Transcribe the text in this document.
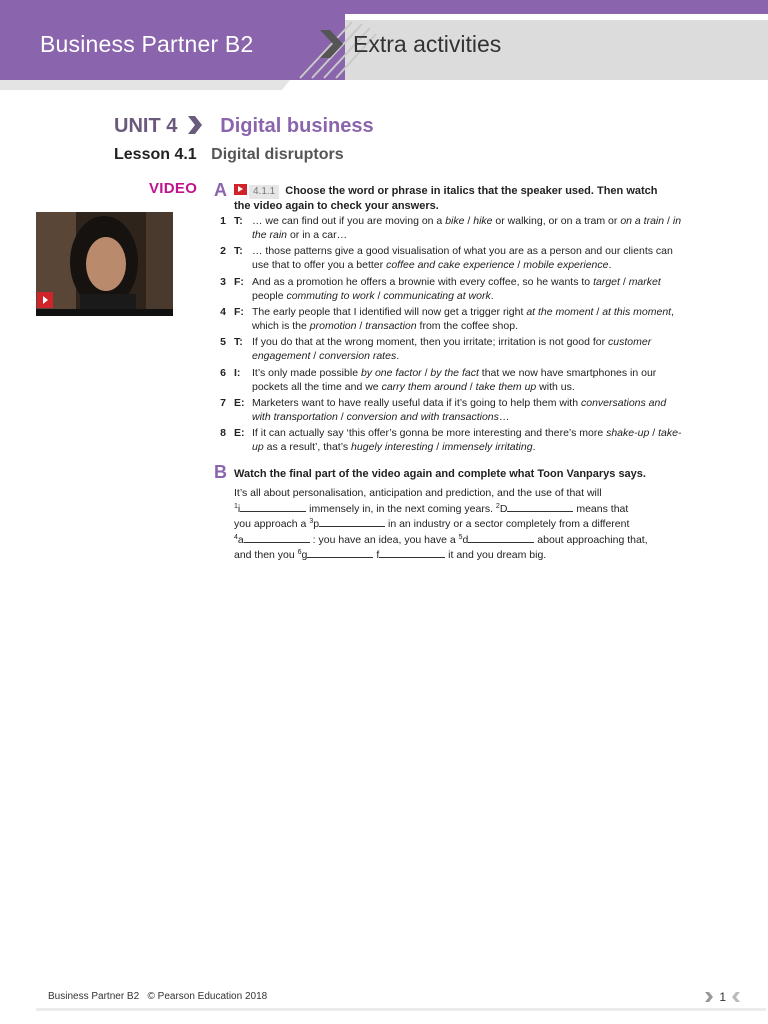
Business Partner B2	Extra activities
UNIT 4 Digital business
Lesson 4.1 Digital disruptors
VIDEO A	4.1.1 Choose the word or phrase in italics that the speaker used. Then watch the video again to check your answers.
1 T: … we can find out if you are moving on a bike / hike or walking, or on a tram or on a train / in the rain or in a car…
2 T: … those patterns give a good visualisation of what you are as a person and our clients can use that to offer you a better coffee and cake experience / mobile experience.
3 F: And as a promotion he offers a brownie with every coffee, so he wants to target / market people commuting to work / communicating at work.
4 F: The early people that I identified will now get a trigger right at the moment / at this moment, which is the promotion / transaction from the coffee shop.
5 T: If you do that at the wrong moment, then you irritate; irritation is not good for customer engagement / conversion rates.
6 I: It’s only made possible by one factor / by the fact that we now have smartphones in our pockets all the time and we carry them around / take them up with us.
7 E: Marketers want to have really useful data if it’s going to help them with conversations and with transportation / conversion and with transactions…
8 E: If it can actually say ‘this offer’s gonna be more interesting and there’s more shake-up / take-up as a result’, that’s hugely interesting / immensely irritating.
B Watch the final part of the video again and complete what Toon Vanparys says.
It’s all about personalisation, anticipation and prediction, and the use of that will
$^1$i	immensely in, in the next coming years. $^2$D	means that
you approach a $^3$p	in an industry or a sector completely from a different
$^4$a	: you have an idea, you have a $^5$d	about approaching that,
and then you $^6$g	f	it and you dream big.
Business Partner B2 © Pearson Education 2018	1
